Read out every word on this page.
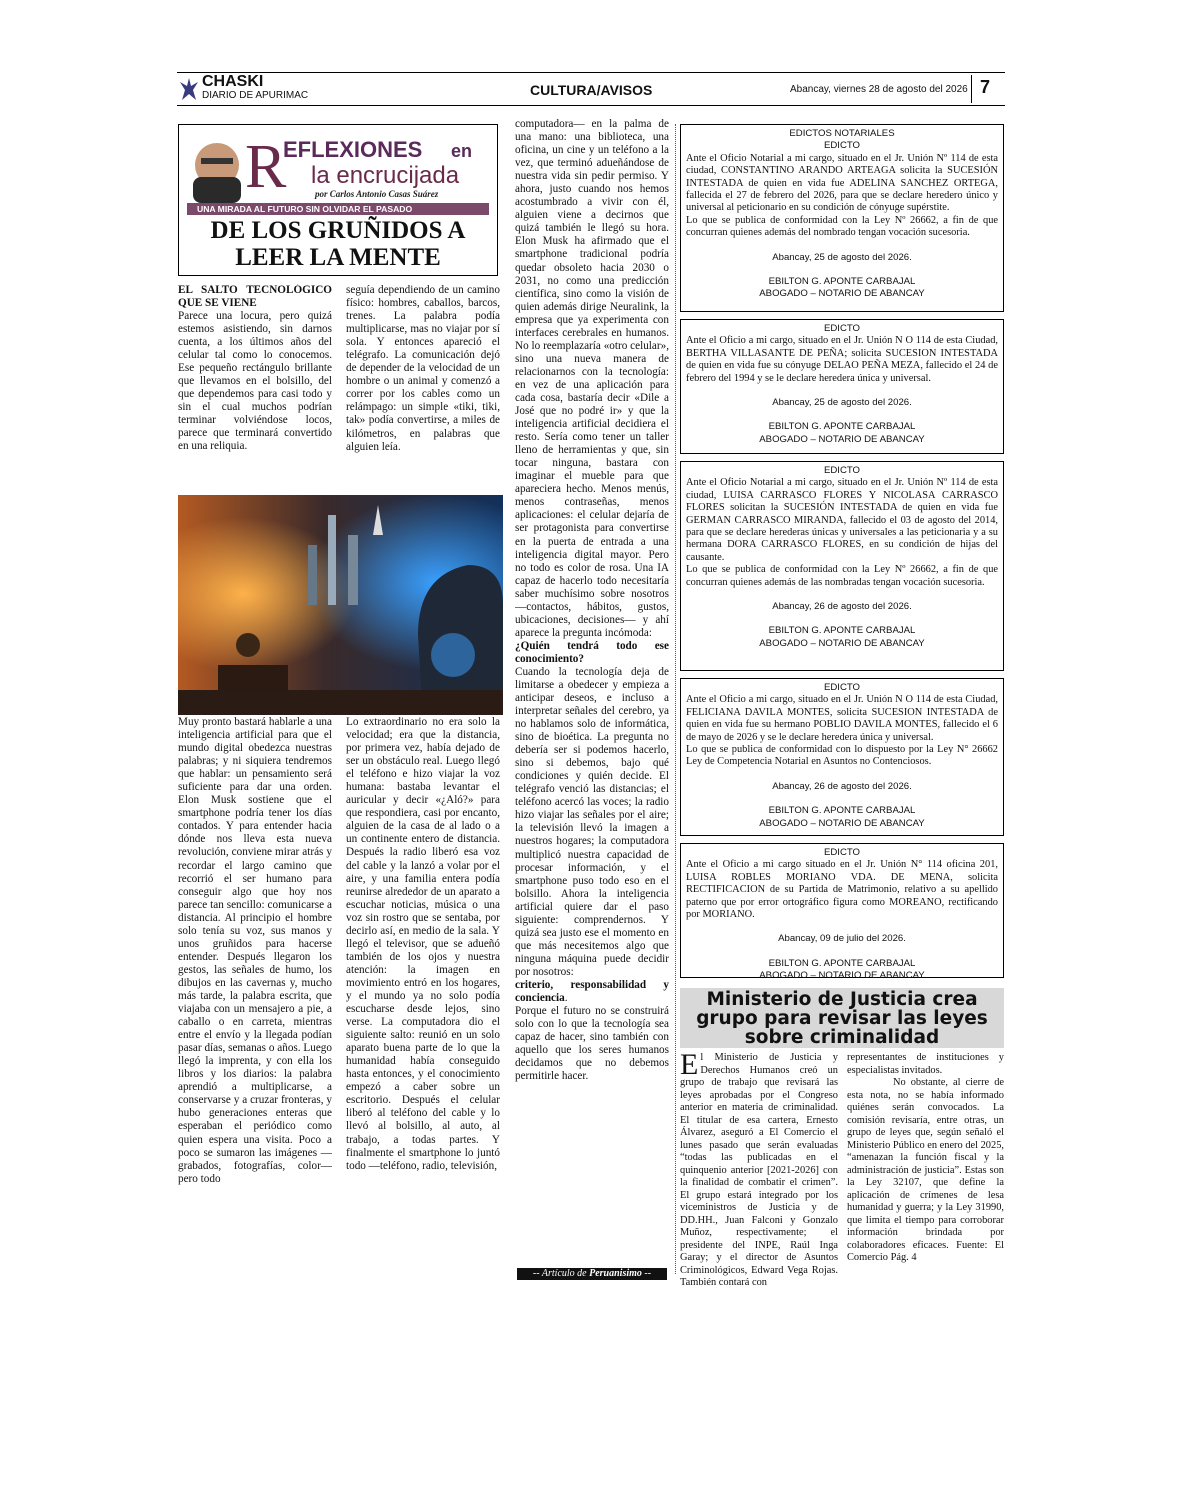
CHASKI
DIARIO DE APURIMAC	CULTURA/AVISOS	Abancay, viernes 28 de agosto del 2026 7
R
EFLEXIONES en
la encrucijada
por Carlos Antonio Casas Suárez
UNA MIRADA AL FUTURO SIN OLVIDAR EL PASADO
DE LOS GRUÑIDOS A LEER LA MENTE

EL SALTO TECNOLÓGICO QUE SE VIENE

Parece una locura, pero quizá estemos asistiendo, sin darnos cuenta, a los últimos años del celular tal como lo conocemos. Ese pequeño rectángulo brillante que llevamos en el bolsillo, del que dependemos para casi todo y sin el cual muchos podrían terminar volviéndose locos, parece que terminará convertido en una reliquia.

seguía dependiendo de un camino físico: hombres, caballos, barcos, trenes. La palabra podía multiplicarse, mas no viajar por sí sola. Y entonces apareció el telégrafo. La comunicación dejó de depender de la velocidad de un hombre o un animal y comenzó a correr por los cables como un relámpago: un simple «tiki, tiki, tak» podía convertirse, a miles de kilómetros, en palabras que alguien leía.

Muy pronto bastará hablarle a una inteligencia artificial para que el mundo digital obedezca nuestras palabras; y ni siquiera tendremos que hablar: un pensamiento será suficiente para dar una orden. Elon Musk sostiene que el smartphone podría tener los días contados. Y para entender hacia dónde nos lleva esta nueva revolución, conviene mirar atrás y recordar el largo camino que recorrió el ser humano para conseguir algo que hoy nos parece tan sencillo: comunicarse a distancia. Al principio el hombre solo tenía su voz, sus manos y unos gruñidos para hacerse entender. Después llegaron los gestos, las señales de humo, los dibujos en las cavernas y, mucho más tarde, la palabra escrita, que viajaba con un mensajero a pie, a caballo o en carreta, mientras entre el envío y la llegada podían pasar días, semanas o años. Luego llegó la imprenta, y con ella los libros y los diarios: la palabra aprendió a multiplicarse, a conservarse y a cruzar fronteras, y hubo generaciones enteras que esperaban el periódico como quien espera una visita. Poco a poco se sumaron las imágenes —grabados, fotografías, color— pero todo

Lo extraordinario no era solo la velocidad; era que la distancia, por primera vez, había dejado de ser un obstáculo real. Luego llegó el teléfono e hizo viajar la voz humana: bastaba levantar el auricular y decir «¿Aló?» para que respondiera, casi por encanto, alguien de la casa de al lado o a un continente entero de distancia. Después la radio liberó esa voz del cable y la lanzó a volar por el aire, y una familia entera podía reunirse alrededor de un aparato a escuchar noticias, música o una voz sin rostro que se sentaba, por decirlo así, en medio de la sala. Y llegó el televisor, que se adueñó también de los ojos y nuestra atención: la imagen en movimiento entró en los hogares, y el mundo ya no solo podía escucharse desde lejos, sino verse. La computadora dio el siguiente salto: reunió en un solo aparato buena parte de lo que la humanidad había conseguido hasta entonces, y el conocimiento empezó a caber sobre un escritorio. Después el celular liberó al teléfono del cable y lo llevó al bolsillo, al auto, al trabajo, a todas partes. Y finalmente el smartphone lo juntó todo —teléfono, radio, televisión,

computadora— en la palma de una mano: una biblioteca, una oficina, un cine y un teléfono a la vez, que terminó adueñándose de nuestra vida sin pedir permiso. Y ahora, justo cuando nos hemos acostumbrado a vivir con él, alguien viene a decirnos que quizá también le llegó su hora. Elon Musk ha afirmado que el smartphone tradicional podría quedar obsoleto hacia 2030 o 2031, no como una predicción científica, sino como la visión de quien además dirige Neuralink, la empresa que ya experimenta con interfaces cerebrales en humanos. No lo reemplazaría «otro celular», sino una nueva manera de relacionarnos con la tecnología: en vez de una aplicación para cada cosa, bastaría decir «Dile a José que no podré ir» y que la inteligencia artificial decidiera el resto. Sería como tener un taller lleno de herramientas y que, sin tocar ninguna, bastara con imaginar el mueble para que apareciera hecho. Menos menús, menos contraseñas, menos aplicaciones: el celular dejaría de ser protagonista para convertirse en la puerta de entrada a una inteligencia digital mayor. Pero no todo es color de rosa. Una IA capaz de hacerlo todo necesitaría saber muchísimo sobre nosotros —contactos, hábitos, gustos, ubicaciones, decisiones— y ahí aparece la pregunta incómoda:

¿Quién tendrá todo ese conocimiento?

Cuando la tecnología deja de limitarse a obedecer y empieza a anticipar deseos, e incluso a interpretar señales del cerebro, ya no hablamos solo de informática, sino de bioética. La pregunta no debería ser si podemos hacerlo, sino si debemos, bajo qué condiciones y quién decide. El telégrafo venció las distancias; el teléfono acercó las voces; la radio hizo viajar las señales por el aire; la televisión llevó la imagen a nuestros hogares; la computadora multiplicó nuestra capacidad de procesar información, y el smartphone puso todo eso en el bolsillo. Ahora la inteligencia artificial quiere dar el paso siguiente: comprendernos. Y quizá sea justo ese el momento en que más necesitemos algo que ninguna máquina puede decidir por nosotros:

criterio, responsabilidad y conciencia.

Porque el futuro no se construirá solo con lo que la tecnología sea capaz de hacer, sino también con aquello que los seres humanos decidamos que no debemos permitirle hacer.

-- Artículo de Peruanisimo --

EDICTOS NOTARIALES

EDICTO

Ante el Oficio Notarial a mi cargo, situado en el Jr. Unión Nº 114 de esta ciudad, CONSTANTINO ARANDO ARTEAGA solicita la SUCESIÓN INTESTADA de quien en vida fue ADELINA SANCHEZ ORTEGA, fallecida el 27 de febrero del 2026, para que se declare heredero único y universal al peticionario en su condición de cónyuge supérstite.

Lo que se publica de conformidad con la Ley Nº 26662, a fin de que concurran quienes además del nombrado tengan vocación sucesoria.

Abancay, 25 de agosto del 2026.

EBILTON G. APONTE CARBAJAL

ABOGADO – NOTARIO DE ABANCAY

EDICTO

Ante el Oficio a mi cargo, situado en el Jr. Unión N O 114 de esta Ciudad, BERTHA VILLASANTE DE PEÑA; solicita SUCESION INTESTADA de quien en vida fue su cónyuge DELAO PEÑA MEZA, fallecido el 24 de febrero del 1994 y se le declare heredera única y universal.

Abancay, 25 de agosto del 2026.

EBILTON G. APONTE CARBAJAL

ABOGADO – NOTARIO DE ABANCAY

EDICTO

Ante el Oficio Notarial a mi cargo, situado en el Jr. Unión Nº 114 de esta ciudad, LUISA CARRASCO FLORES Y NICOLASA CARRASCO FLORES solicitan la SUCESIÓN INTESTADA de quien en vida fue GERMAN CARRASCO MIRANDA, fallecido el 03 de agosto del 2014, para que se declare herederas únicas y universales a las peticionaria y a su hermana DORA CARRASCO FLORES, en su condición de hijas del causante.

Lo que se publica de conformidad con la Ley Nº 26662, a fin de que concurran quienes además de las nombradas tengan vocación sucesoria.

Abancay, 26 de agosto del 2026.

EBILTON G. APONTE CARBAJAL

ABOGADO – NOTARIO DE ABANCAY

EDICTO

Ante el Oficio a mi cargo, situado en el Jr. Unión N O 114 de esta Ciudad, FELICIANA DAVILA MONTES, solicita SUCESION INTESTADA de quien en vida fue su hermano POBLIO DAVILA MONTES, fallecido el 6 de mayo de 2026 y se le declare heredera única y universal.

Lo que se publica de conformidad con lo dispuesto por la Ley N° 26662 Ley de Competencia Notarial en Asuntos no Contenciosos.

Abancay, 26 de agosto del 2026.

EBILTON G. APONTE CARBAJAL

ABOGADO – NOTARIO DE ABANCAY

EDICTO

Ante el Oficio a mi cargo situado en el Jr. Unión N° 114 oficina 201, LUISA ROBLES MORIANO VDA. DE MENA, solicita RECTIFICACION de su Partida de Matrimonio, relativo a su apellido paterno que por error ortográfico figura como MOREANO, rectificando por MORIANO.

Abancay, 09 de julio del 2026.

EBILTON G. APONTE CARBAJAL

ABOGADO – NOTARIO DE ABANCAY

Ministerio de Justicia crea grupo para revisar las leyes sobre criminalidad

El Ministerio de Justicia y Derechos Humanos creó un grupo de trabajo que revisará las leyes aprobadas por el Congreso anterior en materia de criminalidad. El titular de esa cartera, Ernesto Álvarez, aseguró a El Comercio el lunes pasado que serán evaluadas “todas las publicadas en el quinquenio anterior [2021-2026] con la finalidad de combatir el crimen”. El grupo estará integrado por los viceministros de Justicia y de DD.HH., Juan Falconi y Gonzalo Muñoz, respectivamente; el presidente del INPE, Raúl Inga Garay; y el director de Asuntos Criminológicos, Edward Vega Rojas. También contará con

representantes de instituciones y especialistas invitados.

No obstante, al cierre de esta nota, no se había informado quiénes serán convocados. La comisión revisaría, entre otras, un grupo de leyes que, según señaló el Ministerio Público en enero del 2025, “amenazan la función fiscal y la administración de justicia”. Estas son la Ley 32107, que define la aplicación de crímenes de lesa humanidad y guerra; y la Ley 31990, que limita el tiempo para corroborar información brindada por colaboradores eficaces. Fuente: El Comercio Pág. 4
